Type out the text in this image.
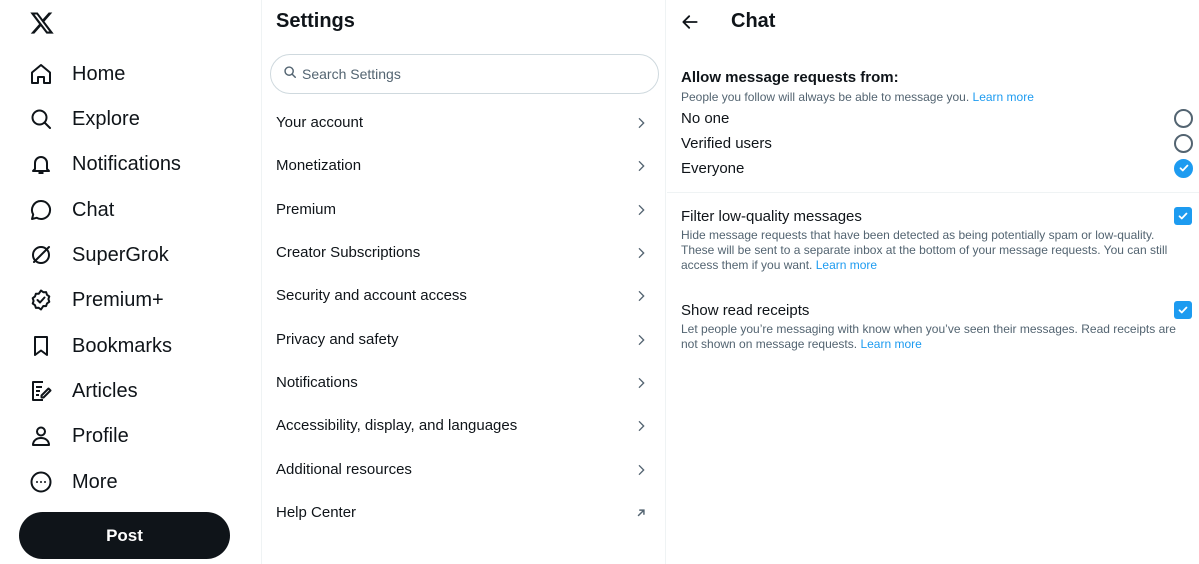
Home
Explore
Notifications
Chat
SuperGrok
Premium+
Bookmarks
Articles
Profile
More
Post
Settings
Search Settings
Your account
Monetization
Premium
Creator Subscriptions
Security and account access
Privacy and safety
Notifications
Accessibility, display, and languages
Additional resources
Help Center
Chat
Allow message requests from:
People you follow will always be able to message you. Learn more
No one
Verified users
Everyone
Filter low-quality messages
Hide message requests that have been detected as being potentially spam or low-quality. These will be sent to a separate inbox at the bottom of your message requests. You can still access them if you want. Learn more
Show read receipts
Let people you’re messaging with know when you’ve seen their messages. Read receipts are not shown on message requests. Learn more
